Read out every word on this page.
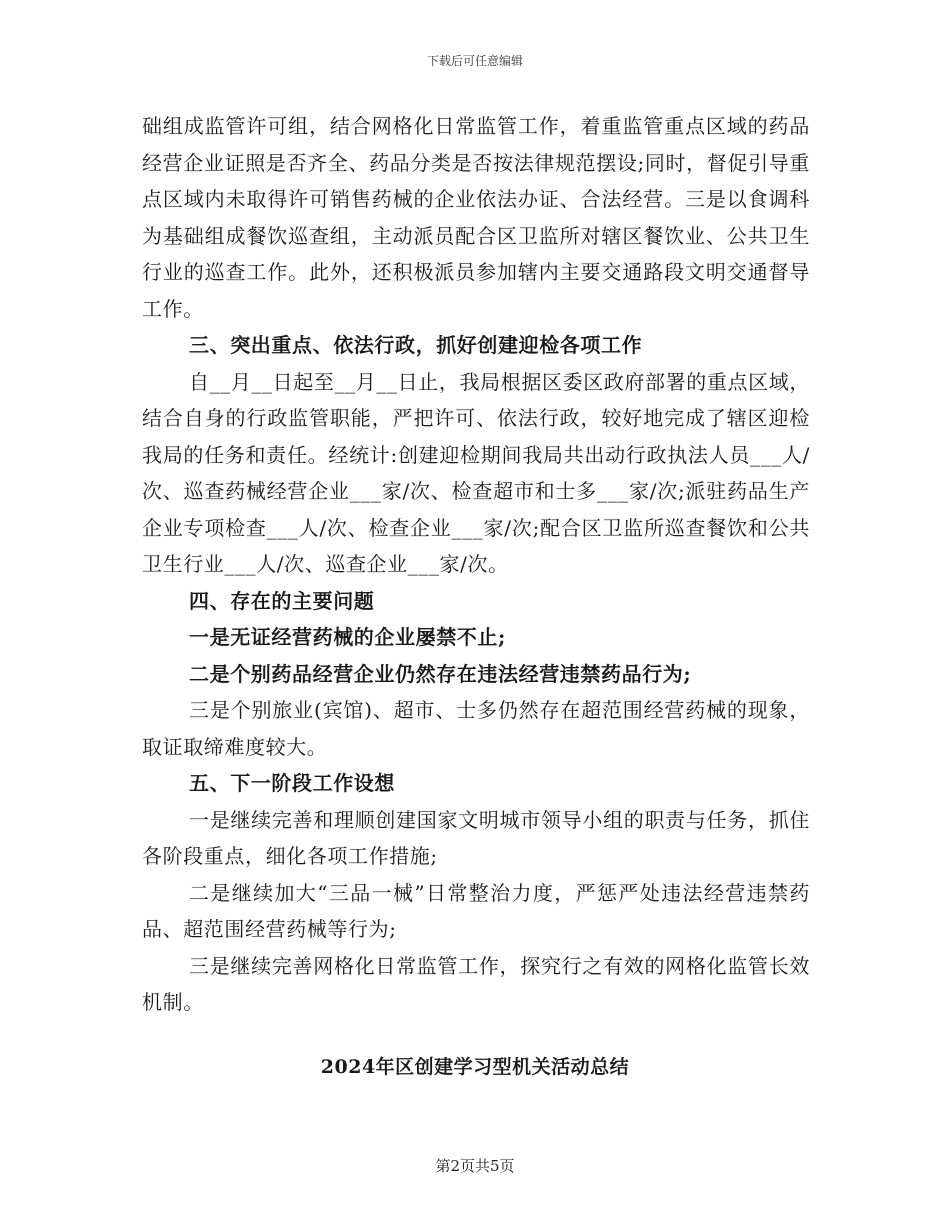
下载后可任意编辑

础组成监管许可组，结合网格化日常监管工作，着重监管重点区域的药品经营企业证照是否齐全、药品分类是否按法律规范摆设;同时，督促引导重点区域内未取得许可销售药械的企业依法办证、合法经营。三是以食调科为基础组成餐饮巡查组，主动派员配合区卫监所对辖区餐饮业、公共卫生行业的巡查工作。此外，还积极派员参加辖内主要交通路段文明交通督导工作。

三、突出重点、依法行政，抓好创建迎检各项工作

自__月__日起至__月__日止，我局根据区委区政府部署的重点区域，结合自身的行政监管职能，严把许可、依法行政，较好地完成了辖区迎检我局的任务和责任。经统计:创建迎检期间我局共出动行政执法人员___人/次、巡查药械经营企业___家/次、检查超市和士多___家/次;派驻药品生产企业专项检查___人/次、检查企业___家/次;配合区卫监所巡查餐饮和公共卫生行业___人/次、巡查企业___家/次。

四、存在的主要问题

一是无证经营药械的企业屡禁不止;

二是个别药品经营企业仍然存在违法经营违禁药品行为;

三是个别旅业(宾馆)、超市、士多仍然存在超范围经营药械的现象，取证取缔难度较大。

五、下一阶段工作设想

一是继续完善和理顺创建国家文明城市领导小组的职责与任务，抓住各阶段重点，细化各项工作措施;

二是继续加大“三品一械”日常整治力度，严惩严处违法经营违禁药品、超范围经营药械等行为;

三是继续完善网格化日常监管工作，探究行之有效的网格化监管长效机制。

2024年区创建学习型机关活动总结
第2页共5页
